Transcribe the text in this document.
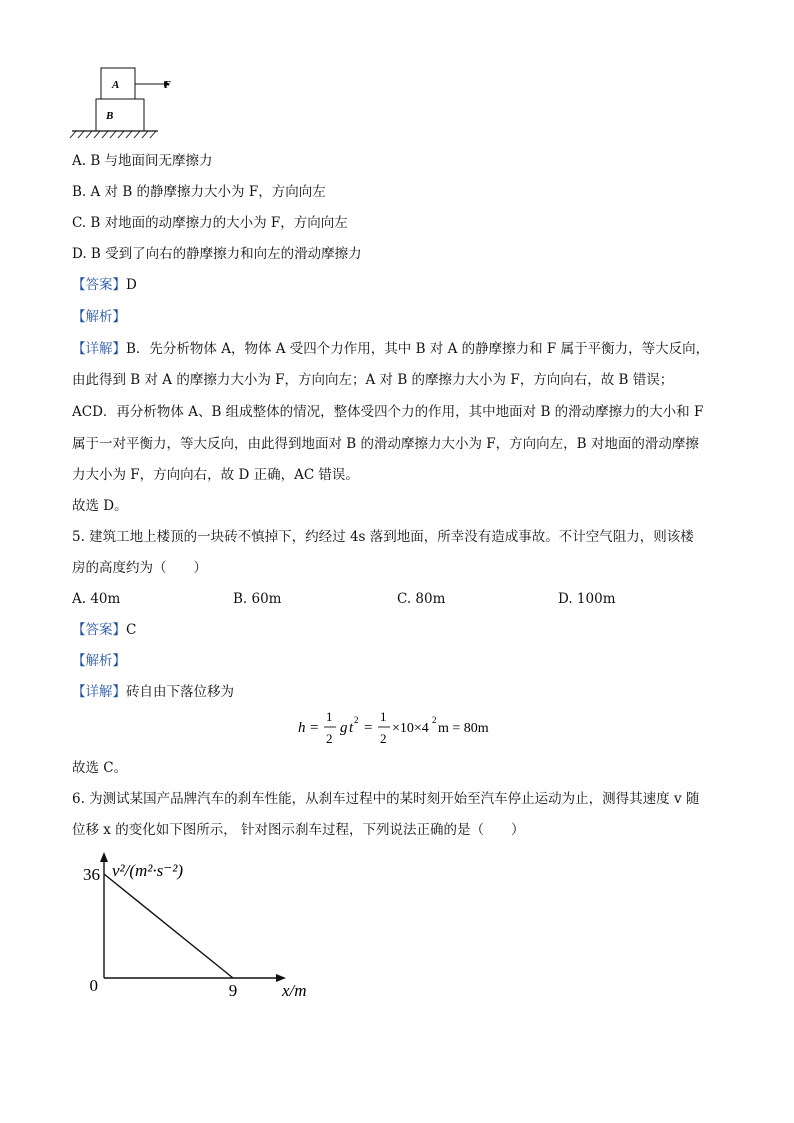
A
B
F
A. B 与地面间无摩擦力
B. A 对 B 的静摩擦力大小为 F，方向向左
C. B 对地面的动摩擦力的大小为 F，方向向左
D. B 受到了向右的静摩擦力和向左的滑动摩擦力
【答案】D
【解析】
【详解】B．先分析物体 A，物体 A 受四个力作用，其中 B 对 A 的静摩擦力和 F 属于平衡力，等大反向，
由此得到 B 对 A 的摩擦力大小为 F，方向向左；A 对 B 的摩擦力大小为 F，方向向右，故 B 错误；
ACD．再分析物体 A、B 组成整体的情况，整体受四个力的作用，其中地面对 B 的滑动摩擦力的大小和 F
属于一对平衡力，等大反向，由此得到地面对 B 的滑动摩擦力大小为 F，方向向左，B 对地面的滑动摩擦
力大小为 F，方向向右，故 D 正确，AC 错误。
故选 D。
5. 建筑工地上楼顶的一块砖不慎掉下，约经过 4s 落到地面，所幸没有造成事故。不计空气阻力，则该楼
房的高度约为（　　）
A. 40m	B. 60m	C. 80m	D. 100m
【答案】C
【解析】
【详解】砖自由下落位移为
h =
1
2
g t 2 =
1
2
×10×4
2
m = 80m
故选 C。
6. 为测试某国产品牌汽车的刹车性能，从刹车过程中的某时刻开始至汽车停止运动为止，测得其速度 v 随
位移 x 的变化如下图所示， 针对图示刹车过程，下列说法正确的是（　　）
36
9
0
v²/(m²·s⁻²)
x/m
